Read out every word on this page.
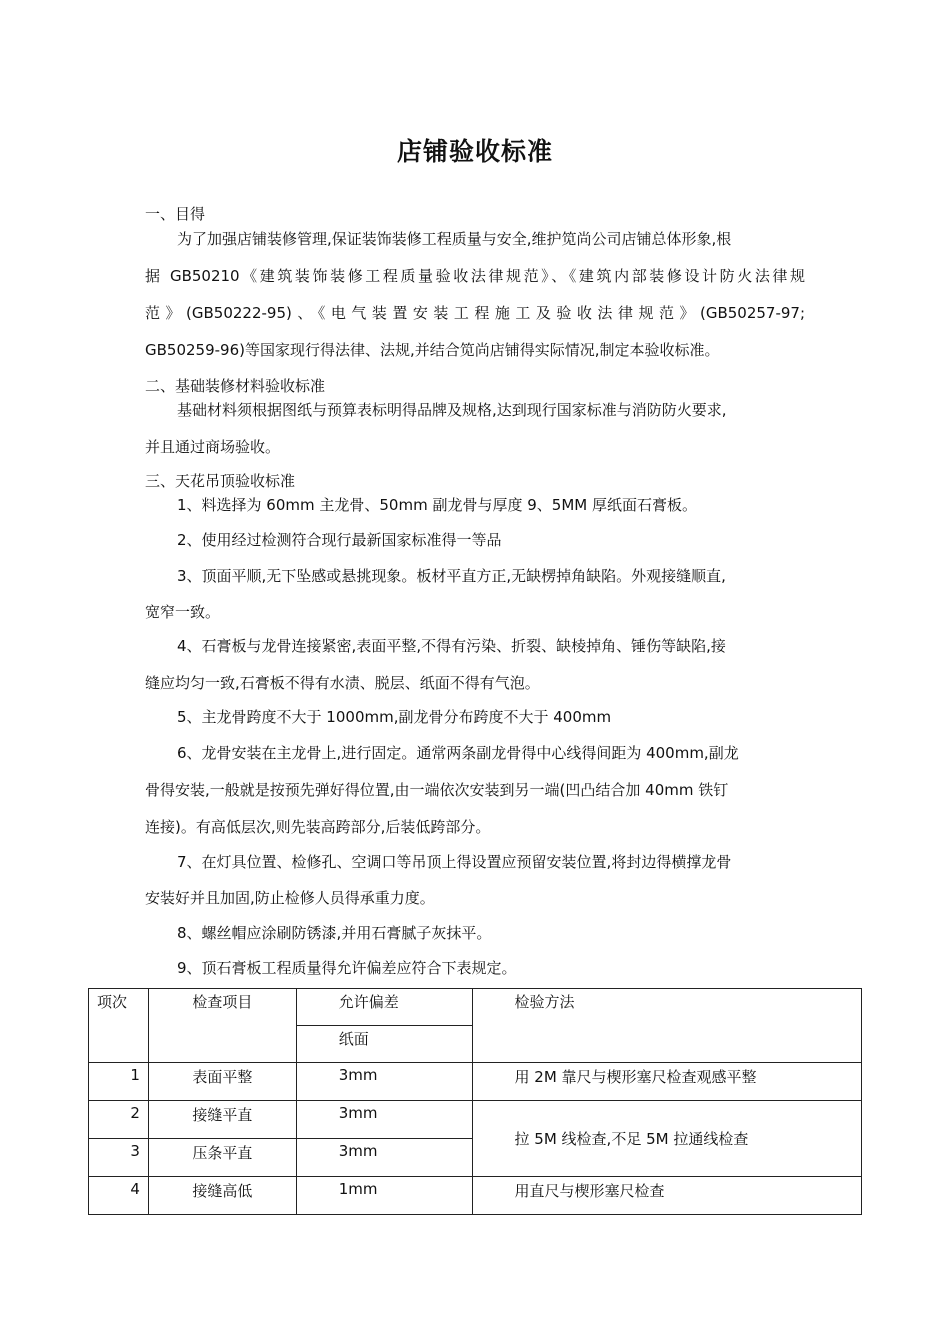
店铺验收标准
一、目得
为了加强店铺装修管理,保证装饰装修工程质量与安全,维护笕尚公司店铺总体形象,根
据 GB50210《建筑装饰装修工程质量验收法律规范》、《建筑内部装修设计防火法律规
范》(GB50222-95)、《电气装置安装工程施工及验收法律规范》(GB50257-97;
GB50259-96)等国家现行得法律、法规,并结合笕尚店铺得实际情况,制定本验收标准。
二、基础装修材料验收标准
基础材料须根据图纸与预算表标明得品牌及规格,达到现行国家标准与消防防火要求,
并且通过商场验收。
三、天花吊顶验收标准
1、料选择为 60mm 主龙骨、50mm 副龙骨与厚度 9、5MM 厚纸面石膏板。
2、使用经过检测符合现行最新国家标准得一等品
3、顶面平顺,无下坠感或悬挑现象。板材平直方正,无缺楞掉角缺陷。外观接缝顺直,
宽窄一致。
4、石膏板与龙骨连接紧密,表面平整,不得有污染、折裂、缺棱掉角、锤伤等缺陷,接
缝应均匀一致,石膏板不得有水渍、脱层、纸面不得有气泡。
5、主龙骨跨度不大于 1000mm,副龙骨分布跨度不大于 400mm
6、龙骨安装在主龙骨上,进行固定。通常两条副龙骨得中心线得间距为 400mm,副龙
骨得安装,一般就是按预先弹好得位置,由一端依次安装到另一端(凹凸结合加 40mm 铁钉
连接)。有高低层次,则先装高跨部分,后装低跨部分。
7、在灯具位置、检修孔、空调口等吊顶上得设置应预留安装位置,将封边得横撑龙骨
安装好并且加固,防止检修人员得承重力度。
8、螺丝帽应涂刷防锈漆,并用石膏腻子灰抹平。
9、顶石膏板工程质量得允许偏差应符合下表规定。
项次	检查项目	允许偏差	检验方法
		纸面	
1	表面平整	3mm	用 2M 靠尺与楔形塞尺检查观感平整
2	接缝平直	3mm	拉 5M 线检查,不足 5M 拉通线检查
3	压条平直	3mm	
4	接缝高低	1mm	用直尺与楔形塞尺检查
